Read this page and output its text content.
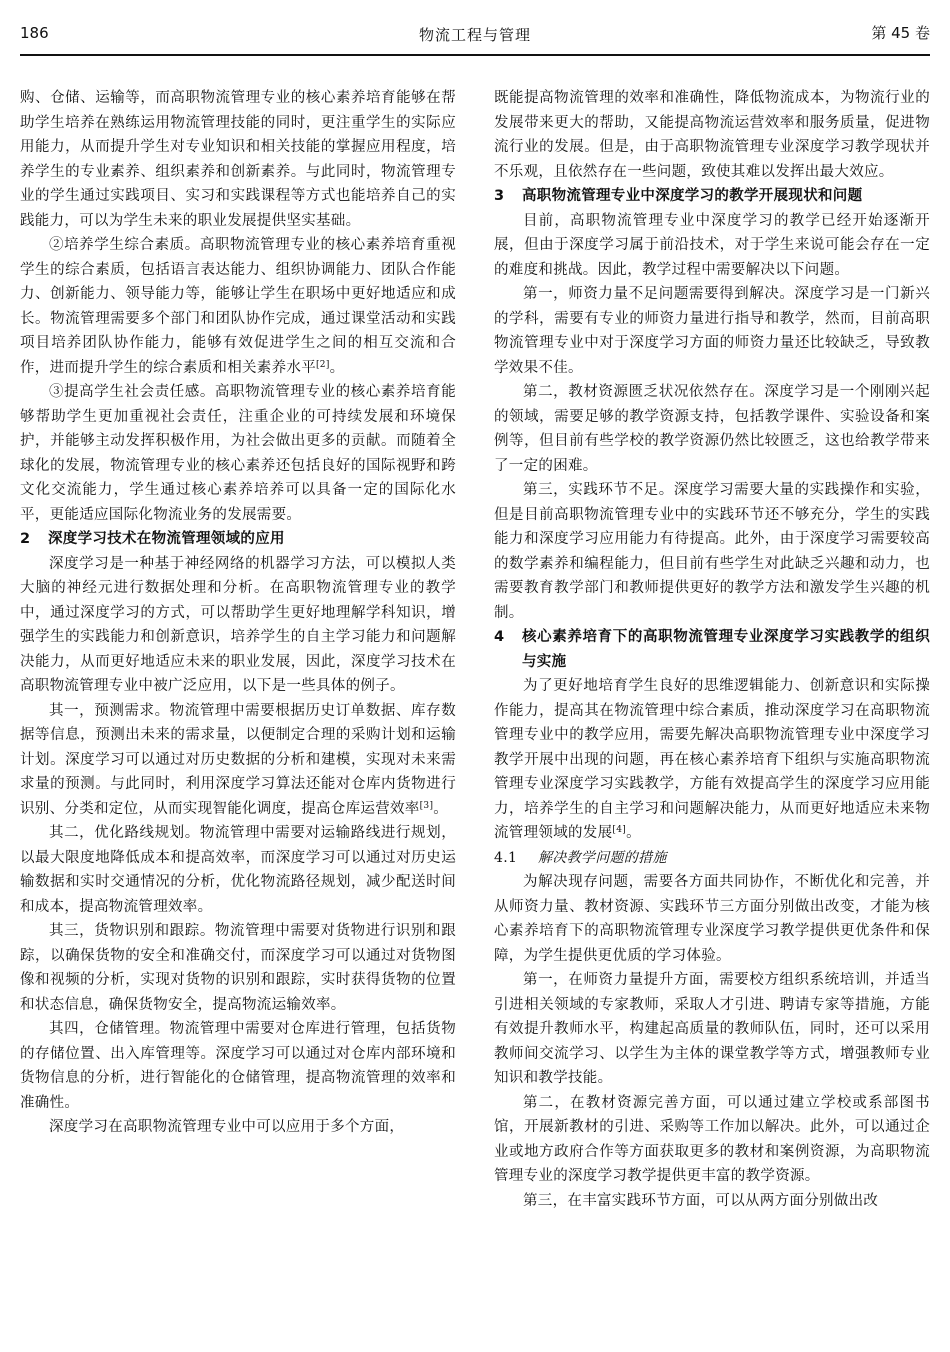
186	物流工程与管理	第 45 卷

购、仓储、运输等，而高职物流管理专业的核心素养培育能够在帮助学生培养在熟练运用物流管理技能的同时，更注重学生的实际应用能力，从而提升学生对专业知识和相关技能的掌握应用程度，培养学生的专业素养、组织素养和创新素养。与此同时，物流管理专业的学生通过实践项目、实习和实践课程等方式也能培养自己的实践能力，可以为学生未来的职业发展提供坚实基础。

②培养学生综合素质。高职物流管理专业的核心素养培育重视学生的综合素质，包括语言表达能力、组织协调能力、团队合作能力、创新能力、领导能力等，能够让学生在职场中更好地适应和成长。物流管理需要多个部门和团队协作完成，通过课堂活动和实践项目培养团队协作能力，能够有效促进学生之间的相互交流和合作，进而提升学生的综合素质和相关素养水平[2]。

③提高学生社会责任感。高职物流管理专业的核心素养培育能够帮助学生更加重视社会责任，注重企业的可持续发展和环境保护，并能够主动发挥积极作用，为社会做出更多的贡献。而随着全球化的发展，物流管理专业的核心素养还包括良好的国际视野和跨文化交流能力，学生通过核心素养培养可以具备一定的国际化水平，更能适应国际化物流业务的发展需要。

2	深度学习技术在物流管理领域的应用

深度学习是一种基于神经网络的机器学习方法，可以模拟人类大脑的神经元进行数据处理和分析。在高职物流管理专业的教学中，通过深度学习的方式，可以帮助学生更好地理解学科知识，增强学生的实践能力和创新意识，培养学生的自主学习能力和问题解决能力，从而更好地适应未来的职业发展，因此，深度学习技术在高职物流管理专业中被广泛应用，以下是一些具体的例子。

其一，预测需求。物流管理中需要根据历史订单数据、库存数据等信息，预测出未来的需求量，以便制定合理的采购计划和运输计划。深度学习可以通过对历史数据的分析和建模，实现对未来需求量的预测。与此同时，利用深度学习算法还能对仓库内货物进行识别、分类和定位，从而实现智能化调度，提高仓库运营效率[3]。

其二，优化路线规划。物流管理中需要对运输路线进行规划，以最大限度地降低成本和提高效率，而深度学习可以通过对历史运输数据和实时交通情况的分析，优化物流路径规划，减少配送时间和成本，提高物流管理效率。

其三，货物识别和跟踪。物流管理中需要对货物进行识别和跟踪，以确保货物的安全和准确交付，而深度学习可以通过对货物图像和视频的分析，实现对货物的识别和跟踪，实时获得货物的位置和状态信息，确保货物安全，提高物流运输效率。

其四，仓储管理。物流管理中需要对仓库进行管理，包括货物的存储位置、出入库管理等。深度学习可以通过对仓库内部环境和货物信息的分析，进行智能化的仓储管理，提高物流管理的效率和准确性。

深度学习在高职物流管理专业中可以应用于多个方面，

既能提高物流管理的效率和准确性，降低物流成本，为物流行业的发展带来更大的帮助，又能提高物流运营效率和服务质量，促进物流行业的发展。但是，由于高职物流管理专业深度学习教学现状并不乐观，且依然存在一些问题，致使其难以发挥出最大效应。

3	高职物流管理专业中深度学习的教学开展现状和问题

目前，高职物流管理专业中深度学习的教学已经开始逐渐开展，但由于深度学习属于前沿技术，对于学生来说可能会存在一定的难度和挑战。因此，教学过程中需要解决以下问题。

第一，师资力量不足问题需要得到解决。深度学习是一门新兴的学科，需要有专业的师资力量进行指导和教学，然而，目前高职物流管理专业中对于深度学习方面的师资力量还比较缺乏，导致教学效果不佳。

第二，教材资源匮乏状况依然存在。深度学习是一个刚刚兴起的领域，需要足够的教学资源支持，包括教学课件、实验设备和案例等，但目前有些学校的教学资源仍然比较匮乏，这也给教学带来了一定的困难。

第三，实践环节不足。深度学习需要大量的实践操作和实验，但是目前高职物流管理专业中的实践环节还不够充分，学生的实践能力和深度学习应用能力有待提高。此外，由于深度学习需要较高的数学素养和编程能力，但目前有些学生对此缺乏兴趣和动力，也需要教育教学部门和教师提供更好的教学方法和激发学生兴趣的机制。

4	核心素养培育下的高职物流管理专业深度学习实践教学的组织与实施

为了更好地培育学生良好的思维逻辑能力、创新意识和实际操作能力，提高其在物流管理中综合素质，推动深度学习在高职物流管理专业中的教学应用，需要先解决高职物流管理专业中深度学习教学开展中出现的问题，再在核心素养培育下组织与实施高职物流管理专业深度学习实践教学，方能有效提高学生的深度学习应用能力，培养学生的自主学习和问题解决能力，从而更好地适应未来物流管理领域的发展[4]。

4.1	解决教学问题的措施

为解决现存问题，需要各方面共同协作，不断优化和完善，并从师资力量、教材资源、实践环节三方面分别做出改变，才能为核心素养培育下的高职物流管理专业深度学习教学提供更优条件和保障，为学生提供更优质的学习体验。

第一，在师资力量提升方面，需要校方组织系统培训，并适当引进相关领域的专家教师，采取人才引进、聘请专家等措施，方能有效提升教师水平，构建起高质量的教师队伍，同时，还可以采用教师间交流学习、以学生为主体的课堂教学等方式，增强教师专业知识和教学技能。

第二，在教材资源完善方面，可以通过建立学校或系部图书馆，开展新教材的引进、采购等工作加以解决。此外，可以通过企业或地方政府合作等方面获取更多的教材和案例资源，为高职物流管理专业的深度学习教学提供更丰富的教学资源。

第三，在丰富实践环节方面，可以从两方面分别做出改
